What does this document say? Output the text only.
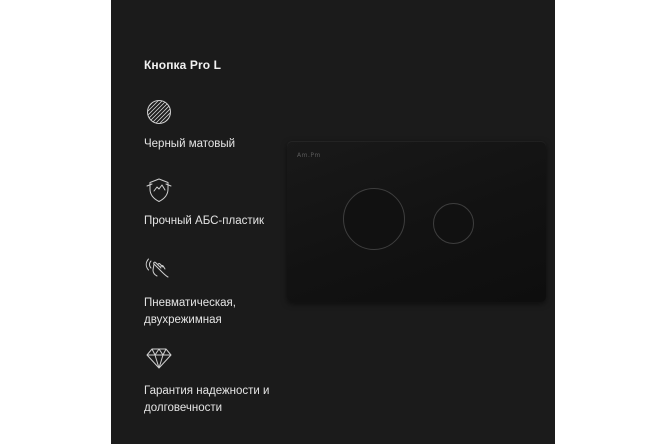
Кнопка Pro L
Черный матовый
Прочный АБС-пластик
Пневматическая,
двухрежимная
Гарантия надежности и
долговечности
Am.Pm
